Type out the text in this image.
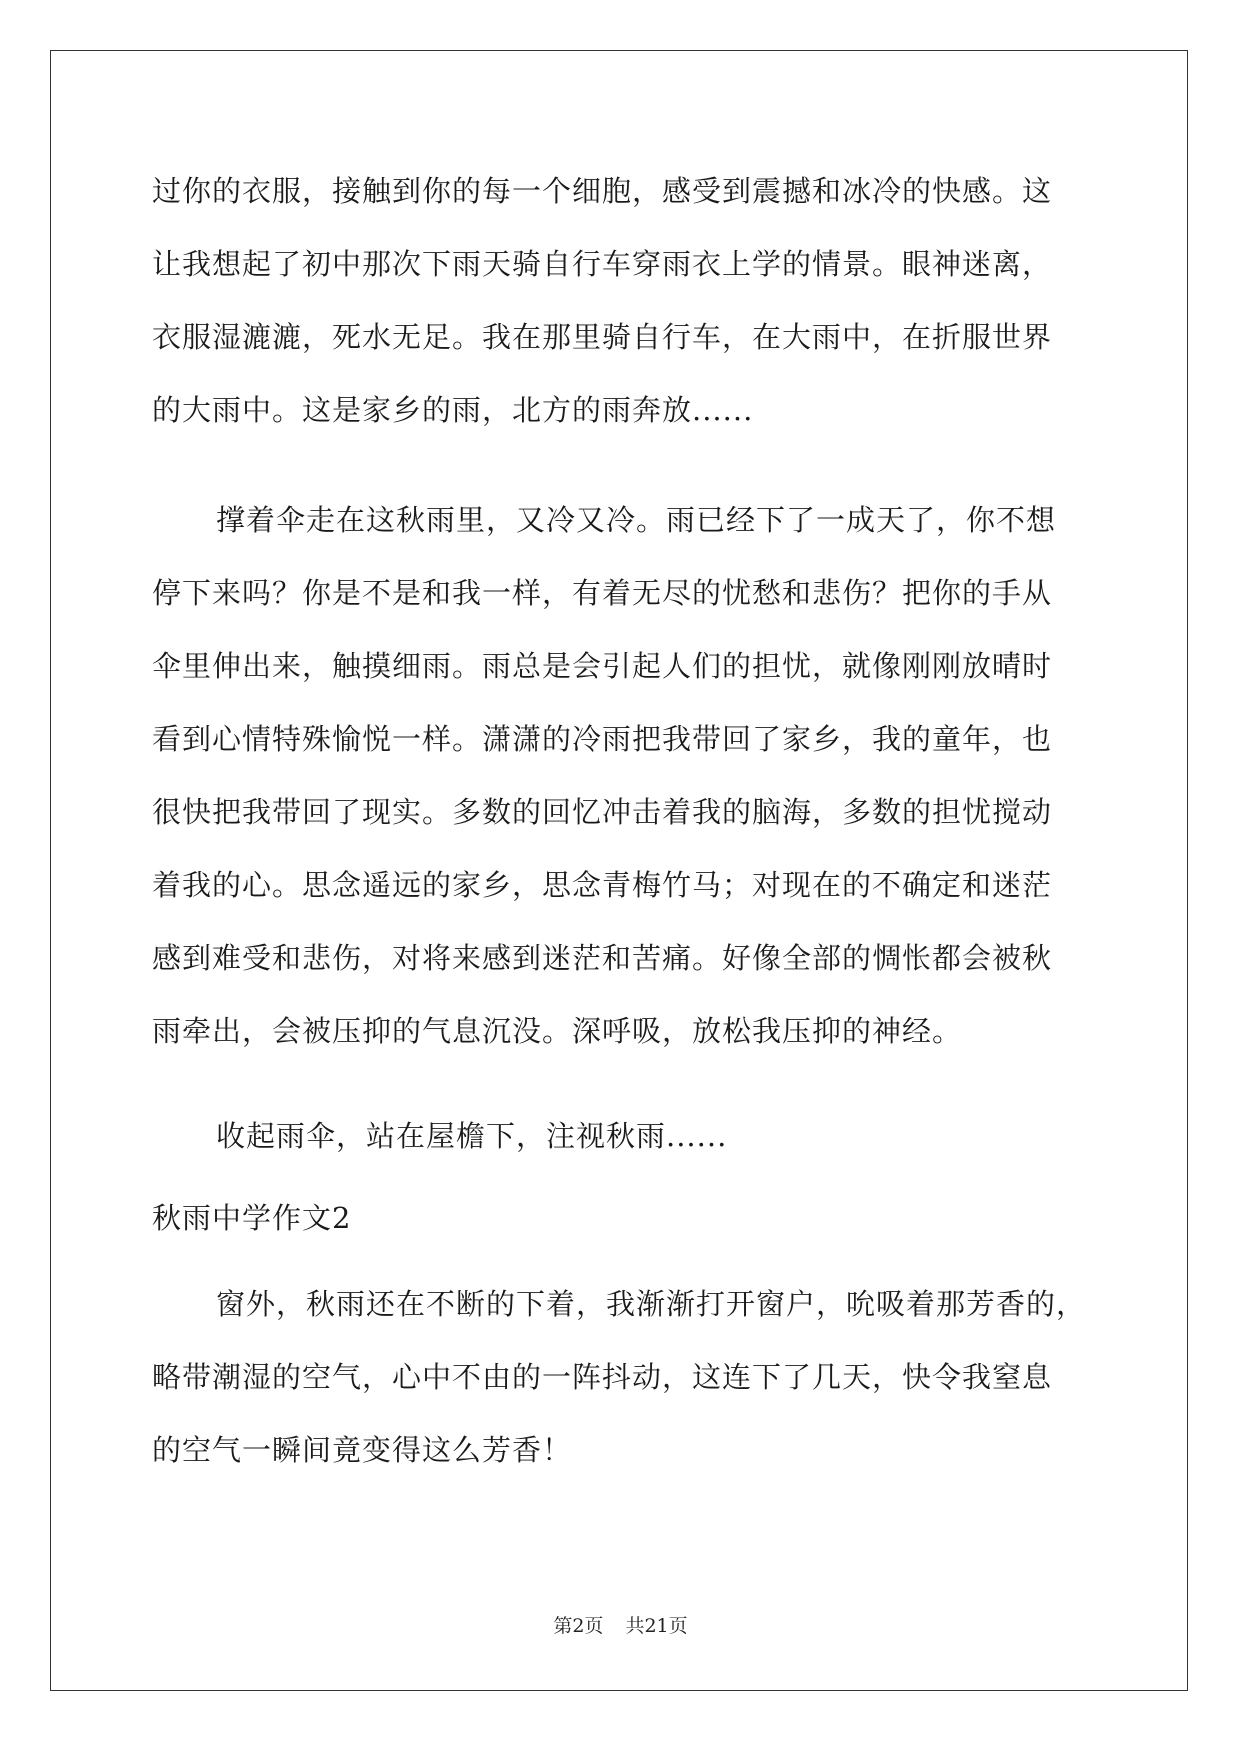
过你的衣服，接触到你的每一个细胞，感受到震撼和冰冷的快感。这
让我想起了初中那次下雨天骑自行车穿雨衣上学的情景。眼神迷离，
衣服湿漉漉，死水无足。我在那里骑自行车，在大雨中，在折服世界
的大雨中。这是家乡的雨，北方的雨奔放......
撑着伞走在这秋雨里，又冷又冷。雨已经下了一成天了，你不想
停下来吗？你是不是和我一样，有着无尽的忧愁和悲伤？把你的手从
伞里伸出来，触摸细雨。雨总是会引起人们的担忧，就像刚刚放晴时
看到心情特殊愉悦一样。潇潇的冷雨把我带回了家乡，我的童年，也
很快把我带回了现实。多数的回忆冲击着我的脑海，多数的担忧搅动
着我的心。思念遥远的家乡，思念青梅竹马；对现在的不确定和迷茫
感到难受和悲伤，对将来感到迷茫和苦痛。好像全部的惆怅都会被秋
雨牵出，会被压抑的气息沉没。深呼吸，放松我压抑的神经。
收起雨伞，站在屋檐下，注视秋雨......
秋雨中学作文2
窗外，秋雨还在不断的下着，我渐渐打开窗户，吮吸着那芳香的，
略带潮湿的空气，心中不由的一阵抖动，这连下了几天，快令我窒息
的空气一瞬间竟变得这么芳香！
第2页 共21页
